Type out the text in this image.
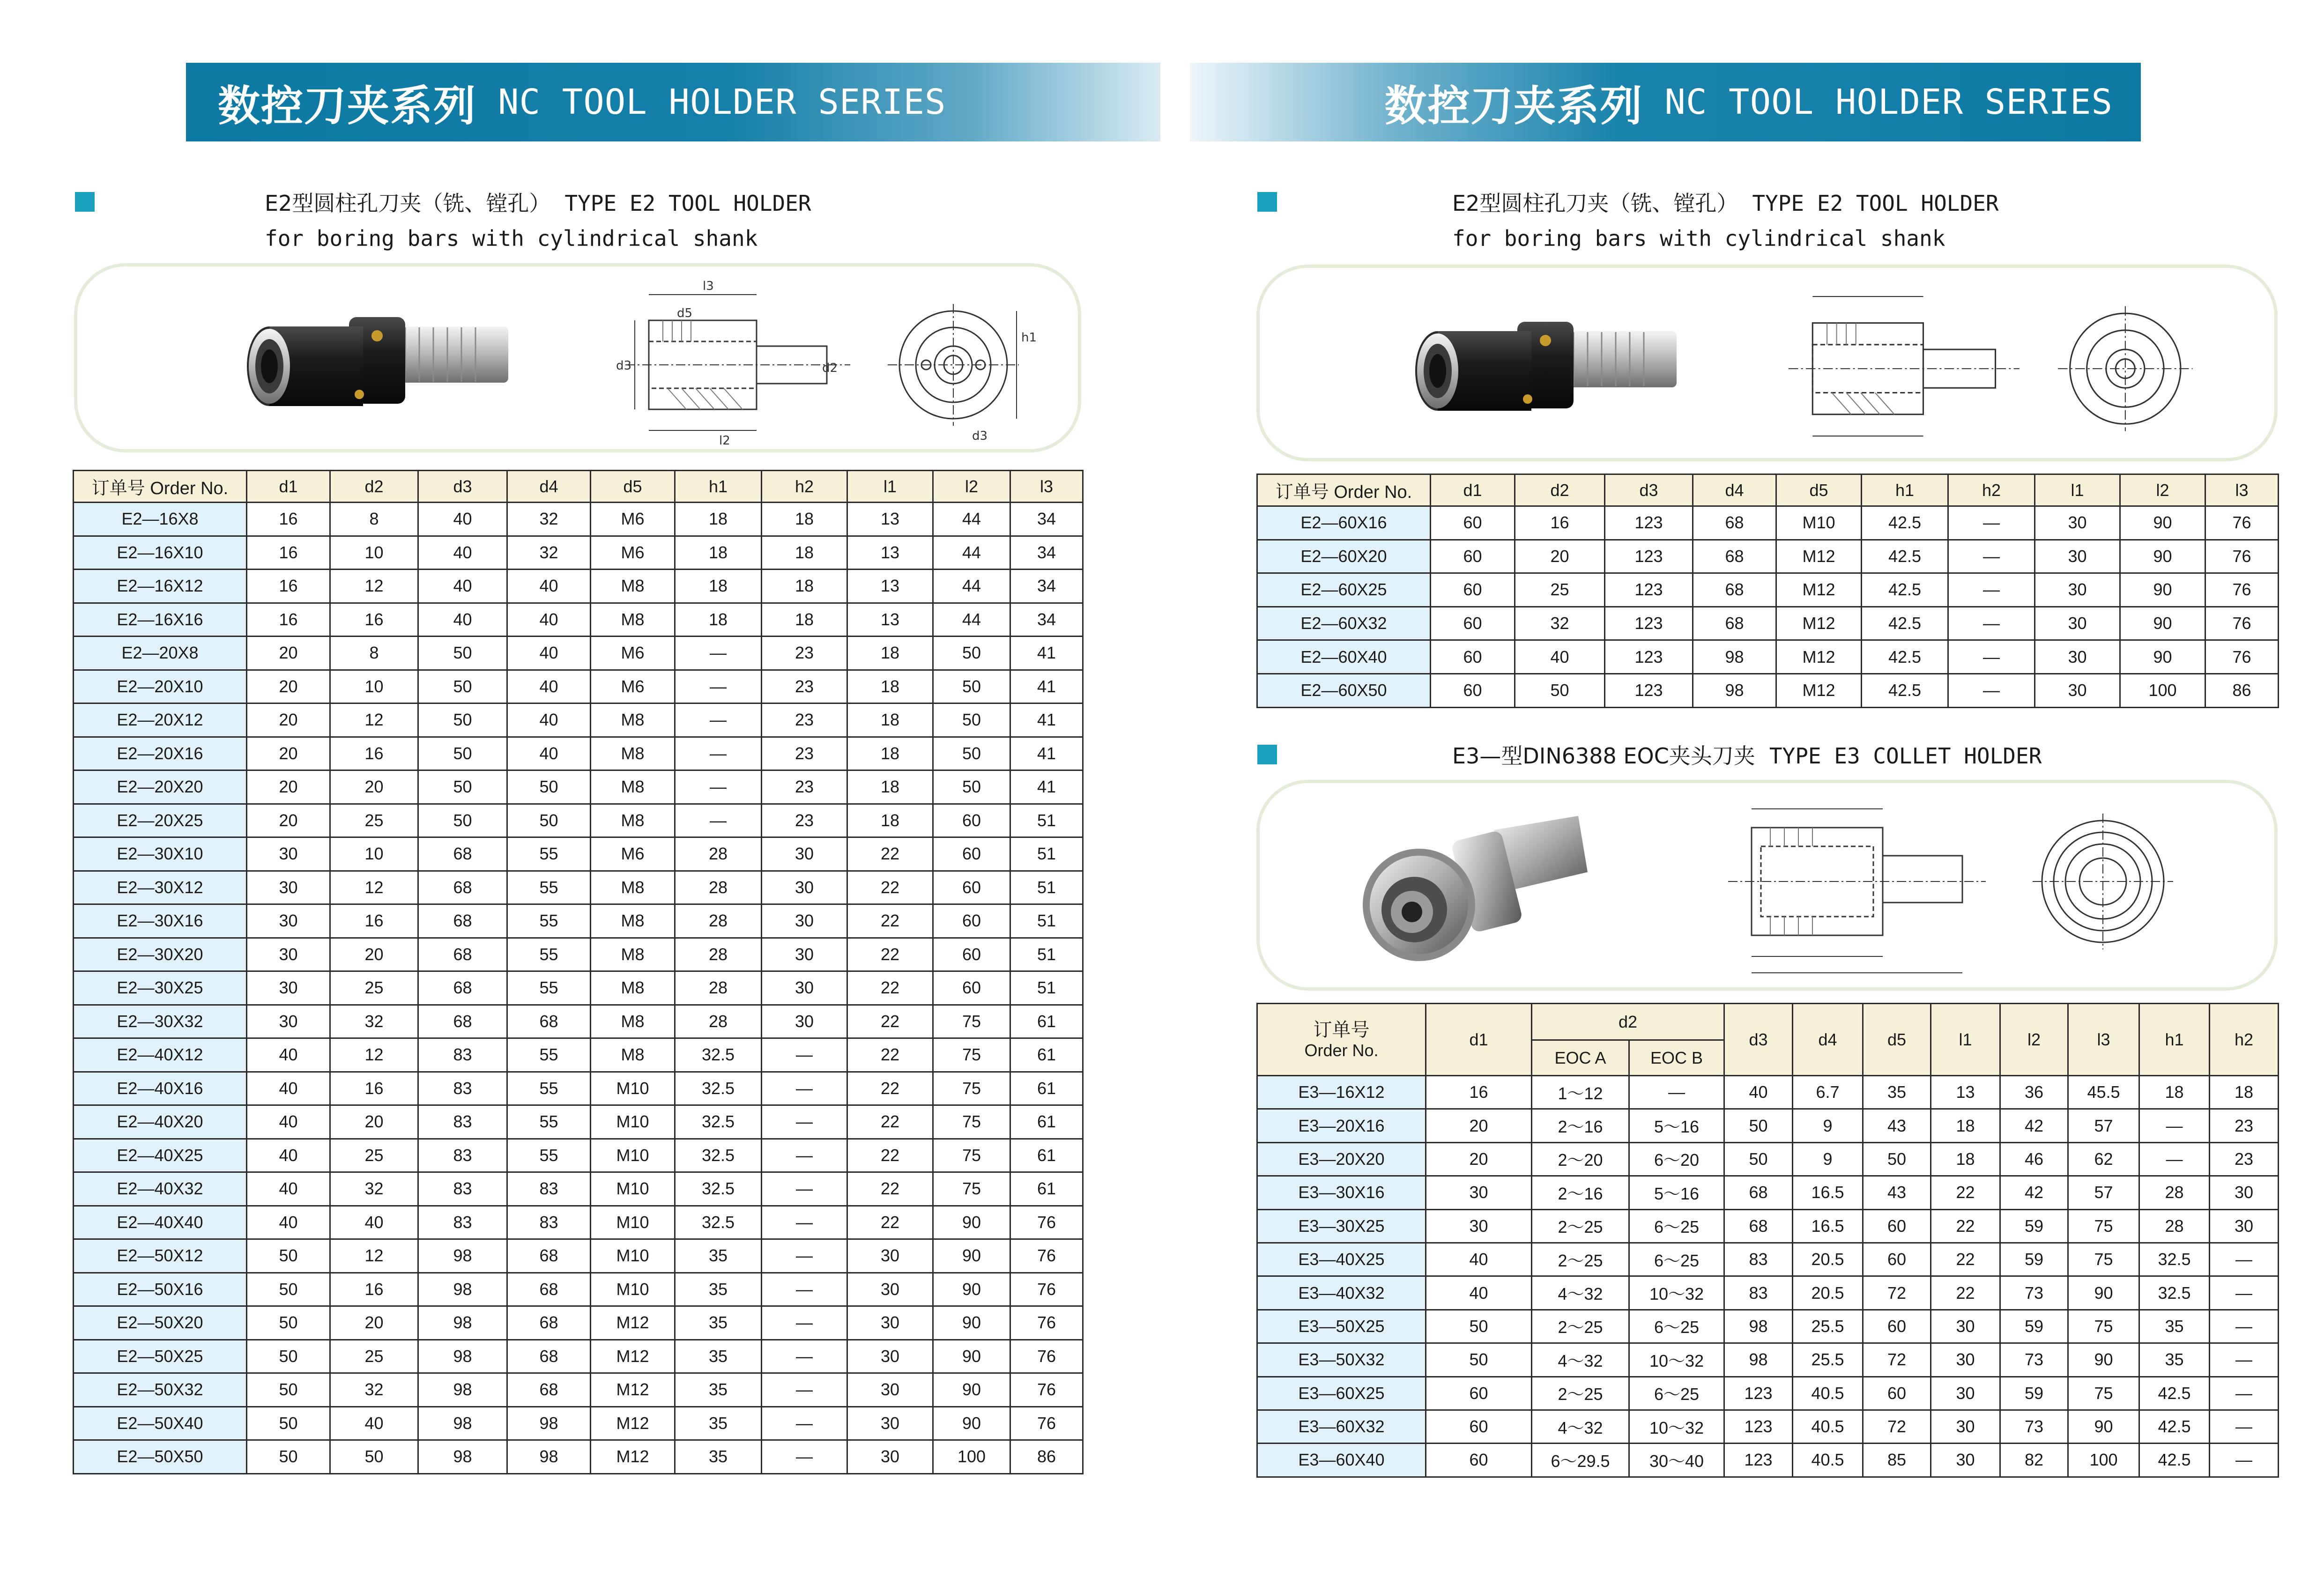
数控刀夹系列 NC TOOL HOLDER SERIES	数控刀夹系列 NC TOOL HOLDER SERIES
E2型圆柱孔刀夹（铣、镗孔） TYPE E2 TOOL HOLDER
for boring bars with cylindrical shank
l3
d5
d3	d2
l2	d3
h1
订单号 Order No.	d1	d2	d3	d4	d5	h1	h2	l1	l2	l3
E2—16X8	16	8	40	32	M6	18	18	13	44	34
E2—16X10	16	10	40	32	M6	18	18	13	44	34
E2—16X12	16	12	40	40	M8	18	18	13	44	34
E2—16X16	16	16	40	40	M8	18	18	13	44	34
E2—20X8	20	8	50	40	M6	—	23	18	50	41
E2—20X10	20	10	50	40	M6	—	23	18	50	41
E2—20X12	20	12	50	40	M8	—	23	18	50	41
E2—20X16	20	16	50	40	M8	—	23	18	50	41
E2—20X20	20	20	50	50	M8	—	23	18	50	41
E2—20X25	20	25	50	50	M8	—	23	18	60	51
E2—30X10	30	10	68	55	M6	28	30	22	60	51
E2—30X12	30	12	68	55	M8	28	30	22	60	51
E2—30X16	30	16	68	55	M8	28	30	22	60	51
E2—30X20	30	20	68	55	M8	28	30	22	60	51
E2—30X25	30	25	68	55	M8	28	30	22	60	51
E2—30X32	30	32	68	68	M8	28	30	22	75	61
E2—40X12	40	12	83	55	M8	32.5	—	22	75	61
E2—40X16	40	16	83	55	M10	32.5	—	22	75	61
E2—40X20	40	20	83	55	M10	32.5	—	22	75	61
E2—40X25	40	25	83	55	M10	32.5	—	22	75	61
E2—40X32	40	32	83	83	M10	32.5	—	22	75	61
E2—40X40	40	40	83	83	M10	32.5	—	22	90	76
E2—50X12	50	12	98	68	M10	35	—	30	90	76
E2—50X16	50	16	98	68	M10	35	—	30	90	76
E2—50X20	50	20	98	68	M12	35	—	30	90	76
E2—50X25	50	25	98	68	M12	35	—	30	90	76
E2—50X32	50	32	98	68	M12	35	—	30	90	76
E2—50X40	50	40	98	98	M12	35	—	30	90	76
E2—50X50	50	50	98	98	M12	35	—	30	100	86
E2型圆柱孔刀夹（铣、镗孔） TYPE E2 TOOL HOLDER
for boring bars with cylindrical shank
订单号 Order No.	d1	d2	d3	d4	d5	h1	h2	l1	l2	l3
E2—60X16	60	16	123	68	M10	42.5	—	30	90	76
E2—60X20	60	20	123	68	M12	42.5	—	30	90	76
E2—60X25	60	25	123	68	M12	42.5	—	30	90	76
E2—60X32	60	32	123	68	M12	42.5	—	30	90	76
E2—60X40	60	40	123	98	M12	42.5	—	30	90	76
E2—60X50	60	50	123	98	M12	42.5	—	30	100	86
E3—型DIN6388 EOC夹头刀夹 TYPE E3 COLLET HOLDER
订单号
Order No.	d1	d2		d3	d4	d5	l1	l2	l3	h1	h2
		EOC A	EOC B								
E3—16X12	16	1～12	—	40	6.7	35	13	36	45.5	18	18
E3—20X16	20	2～16	5～16	50	9	43	18	42	57	—	23
E3—20X20	20	2～20	6～20	50	9	50	18	46	62	—	23
E3—30X16	30	2～16	5～16	68	16.5	43	22	42	57	28	30
E3—30X25	30	2～25	6～25	68	16.5	60	22	59	75	28	30
E3—40X25	40	2～25	6～25	83	20.5	60	22	59	75	32.5	—
E3—40X32	40	4～32	10～32	83	20.5	72	22	73	90	32.5	—
E3—50X25	50	2～25	6～25	98	25.5	60	30	59	75	35	—
E3—50X32	50	4～32	10～32	98	25.5	72	30	73	90	35	—
E3—60X25	60	2～25	6～25	123	40.5	60	30	59	75	42.5	—
E3—60X32	60	4～32	10～32	123	40.5	72	30	73	90	42.5	—
E3—60X40	60	6～29.5	30～40	123	40.5	85	30	82	100	42.5	—
